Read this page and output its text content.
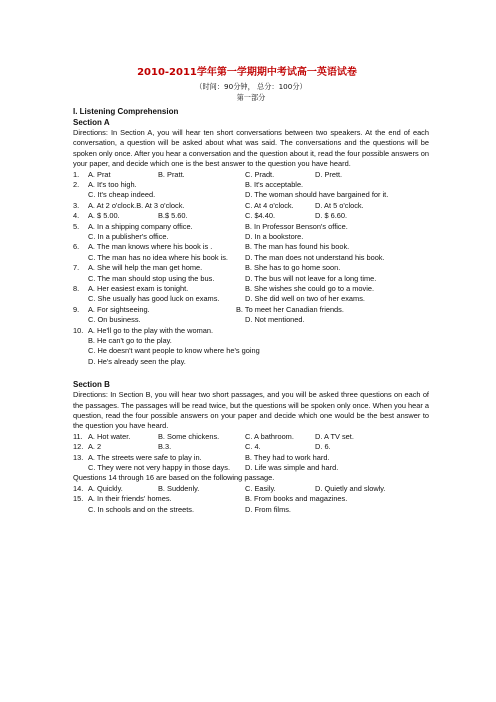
2010-2011学年第一学期期中考试高一英语试卷
（时间：90分钟， 总分：100分）
第一部分
I. Listening Comprehension
Section A
Directions: In Section A, you will hear ten short conversations between two speakers. At the end of each conversation, a question will be asked about what was said. The conversations and the questions will be spoken only once. After you hear a conversation and the question about it, read the four possible answers on your paper, and decide which one is the best answer to the question you have heard.
1.	A. Prat	B. Pratt.	C. Pradt.	D. Prett.
2.	A. It's too high.	B. It's acceptable.
C. It's cheap indeed.	D. The woman should have bargained for it.
3.	A. At 2 o'clock.B. At 3 o'clock.	C. At 4 o'clock.	D. At 5 o'clock.
4.	A. $ 5.00.	B.$ 5.60.	C. $4.40.	D. $ 6.60.
5.	A. In a shipping company office.	B. In Professor Benson's office.
C. In a publisher's office.	D. In a bookstore.
6.	A. The man knows where his book is .	B. The man has found his book.
C. The man has no idea where his book is. D. The man does not understand his book.
7.	A. She will help the man get home.	B. She has to go home soon.
C. The man should stop using the bus.	D. The bus will not leave for a long time.
8.	A. Her easiest exam is tonight.	B. She wishes she could go to a movie.
C. She usually has good luck on exams.	D. She did well on two of her exams.
9.	A. For sightseeing.	B. To meet her Canadian friends.
C. On business.	D. Not mentioned.
10. A. He'll go to the play with the woman.
B. He can't go to the play.
C. He doesn't want people to know where he's going
D. He's already seen the play.
Section B
Directions: In Section B, you will hear two short passages, and you will be asked three questions on each of the passages. The passages will be read twice, but the questions will be spoken only once. When you hear a question, read the four possible answers on your paper and decide which one would be the best answer to the question you have heard.
11. A. Hot water.	B. Some chickens.	C. A bathroom.	D. A TV set.
12. A. 2	B.3.	C. 4.	D. 6.
13. A. The streets were safe to play in.	B. They had to work hard.
C. They were not very happy in those days. D. Life was simple and hard.
Questions 14 through 16 are based on the following passage.
14. A. Quickly.	B. Suddenly.	C. Easily.	D. Quietly and slowly.
15. A. In their friends' homes.	B. From books and magazines.
C. In schools and on the streets.	D. From films.
